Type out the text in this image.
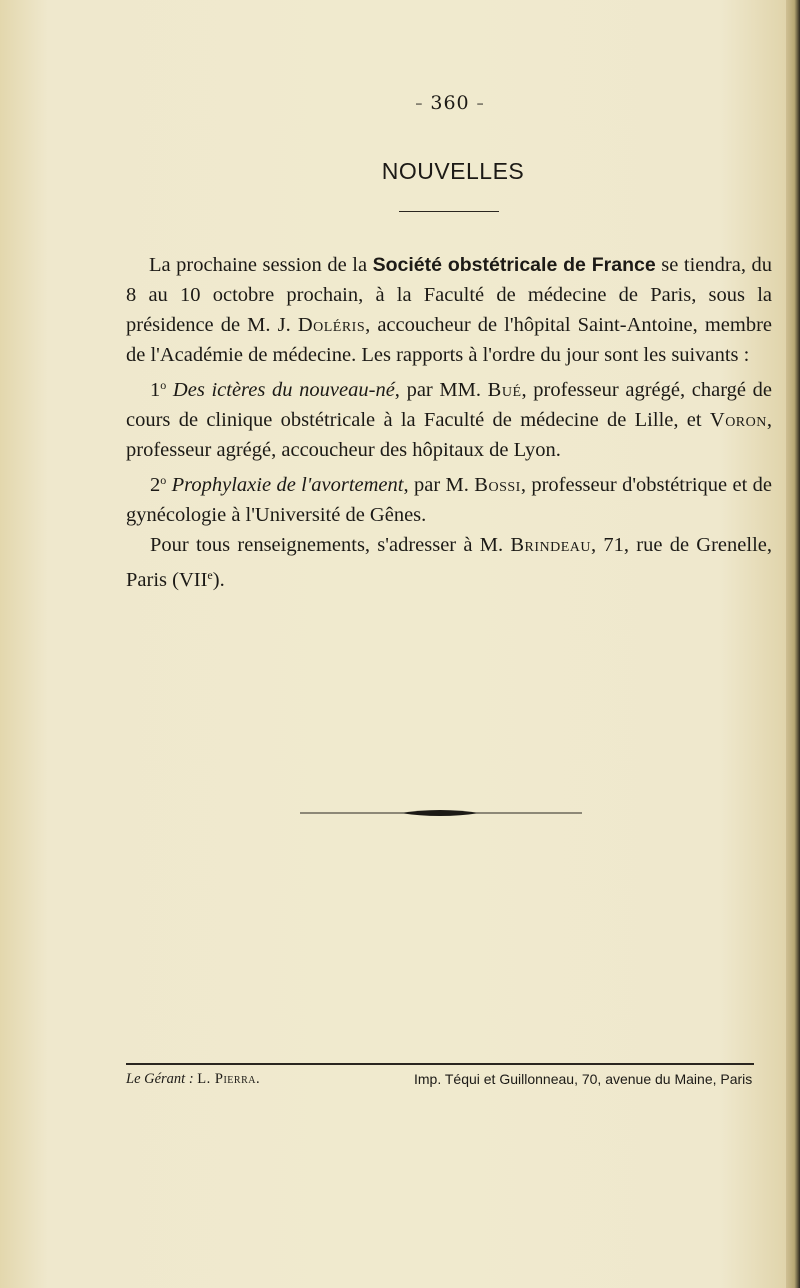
– 360 –
NOUVELLES

La prochaine session de la Société obstétricale de France se tiendra, du 8 au 10 octobre prochain, à la Faculté de médecine de Paris, sous la présidence de M. J. Doléris, accoucheur de l'hôpital Saint-Antoine, membre de l'Académie de médecine. Les rapports à l'ordre du jour sont les suivants :

1$^o$ Des ictères du nouveau-né, par MM. Bué, professeur agrégé, chargé de cours de clinique obstétricale à la Faculté de médecine de Lille, et Voron, professeur agrégé, accoucheur des hôpitaux de Lyon.

2$^o$ Prophylaxie de l'avortement, par M. Bossi, professeur d'obstétrique et de gynécologie à l'Université de Gênes.

Pour tous renseignements, s'adresser à M. Brindeau, 71, rue de Grenelle, Paris (VIIe).

Le Gérant : L. Pierra.	Imp. Téqui et Guillonneau, 70, avenue du Maine, Paris
